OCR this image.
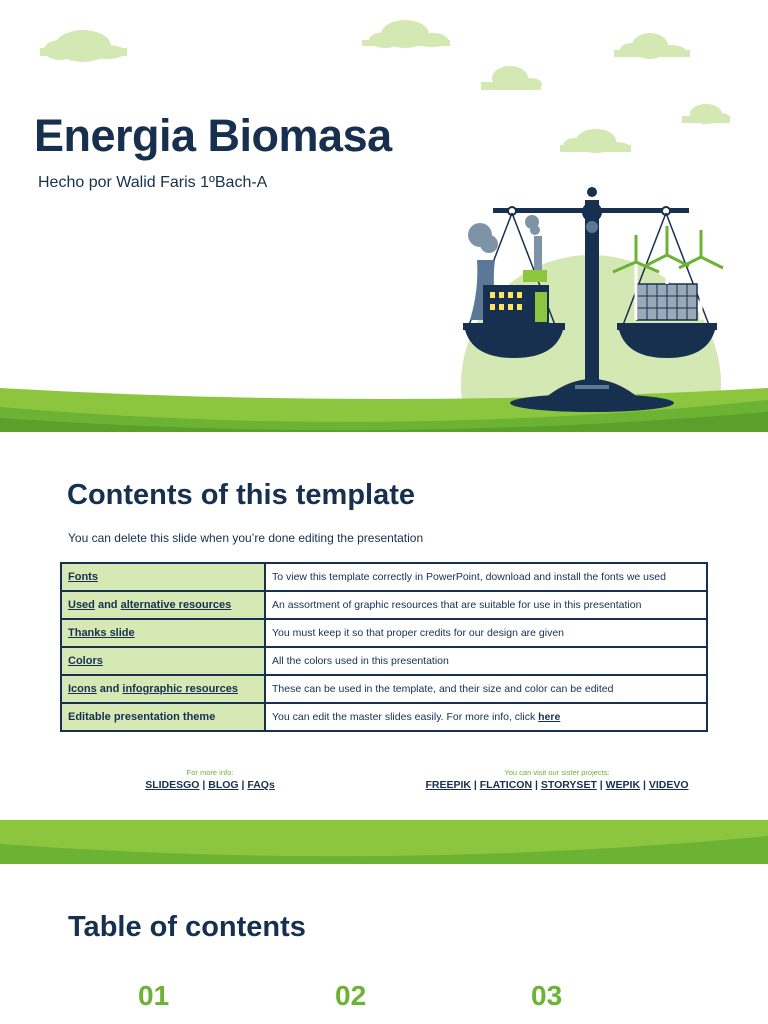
Energia Biomasa
Hecho por Walid Faris 1ºBach-A
Contents of this template
You can delete this slide when you’re done editing the presentation
Fonts	To view this template correctly in PowerPoint, download and install the fonts we used
Used and alternative resources	An assortment of graphic resources that are suitable for use in this presentation
Thanks slide	You must keep it so that proper credits for our design are given
Colors	All the colors used in this presentation
Icons and infographic resources	These can be used in the template, and their size and color can be edited
Editable presentation theme	You can edit the master slides easily. For more info, click here
For more info:
SLIDESGO | BLOG | FAQs
You can visit our sister projects:
FREEPIK | FLATICON | STORYSET | WEPIK | VIDEVO
Table of contents
01	02	03
